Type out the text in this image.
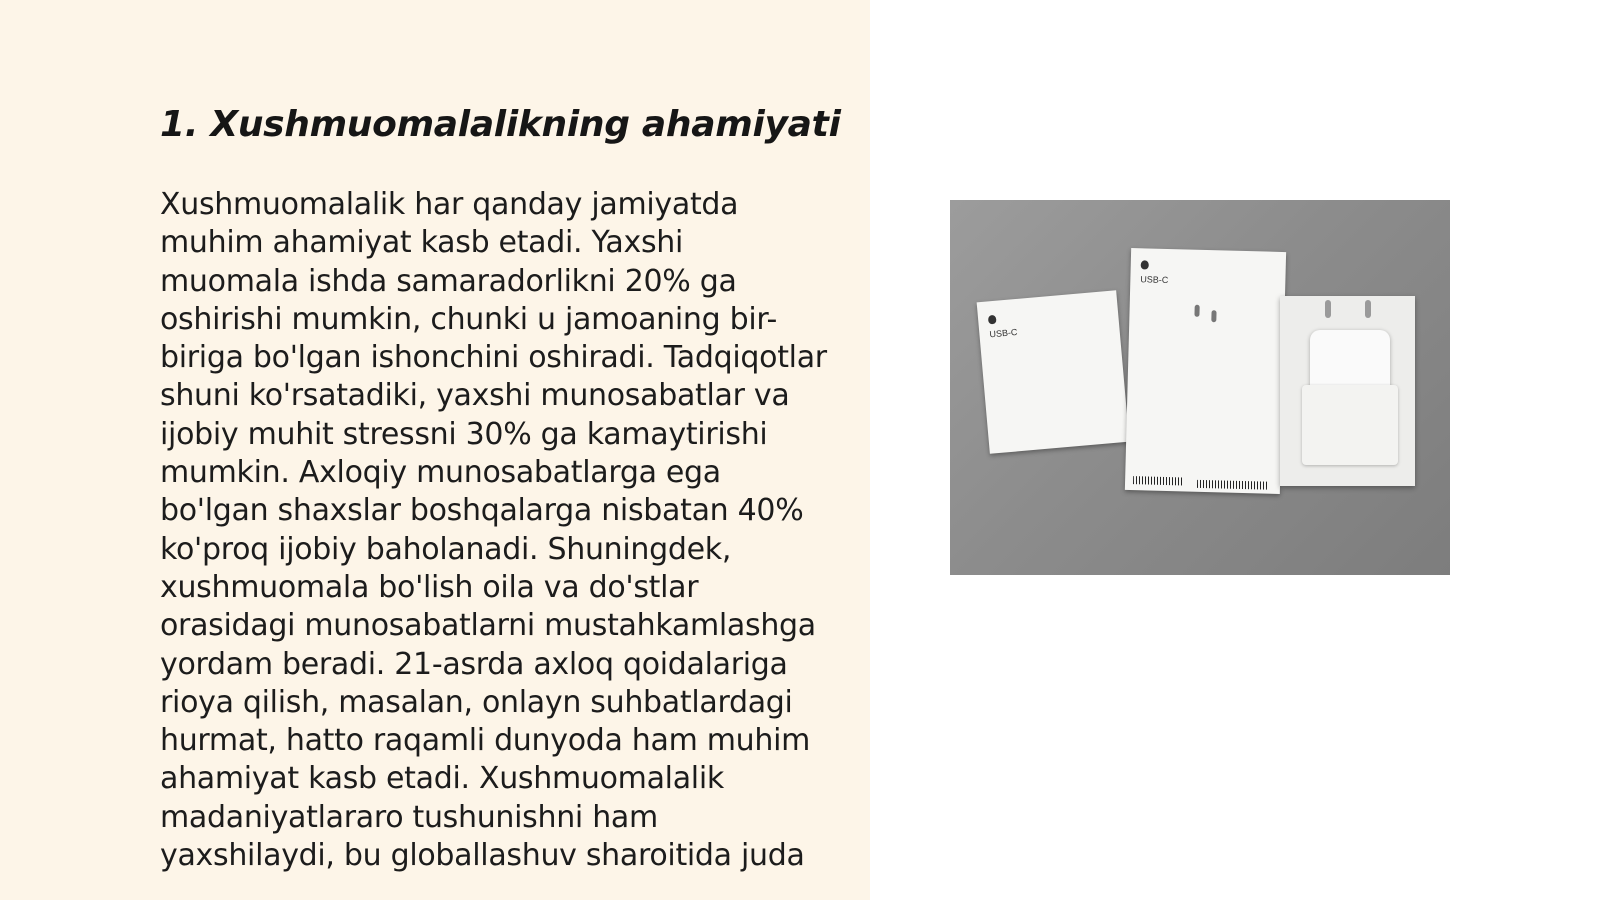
1. Xushmuomalalikning ahamiyati

Xushmuomalalik har qanday jamiyatda muhim ahamiyat kasb etadi. Yaxshi muomala ishda samaradorlikni 20% ga oshirishi mumkin, chunki u jamoaning bir-biriga bo'lgan ishonchini oshiradi. Tadqiqotlar shuni ko'rsatadiki, yaxshi munosabatlar va ijobiy muhit stressni 30% ga kamaytirishi mumkin. Axloqiy munosabatlarga ega bo'lgan shaxslar boshqalarga nisbatan 40% ko'proq ijobiy baholanadi. Shuningdek, xushmuomala bo'lish oila va do'stlar orasidagi munosabatlarni mustahkamlashga yordam beradi. 21-asrda axloq qoidalariga rioya qilish, masalan, onlayn suhbatlardagi hurmat, hatto raqamli dunyoda ham muhim ahamiyat kasb etadi. Xushmuomalalik madaniyatlararo tushunishni ham yaxshilaydi, bu globallashuv sharoitida juda

USB-C
USB-C
